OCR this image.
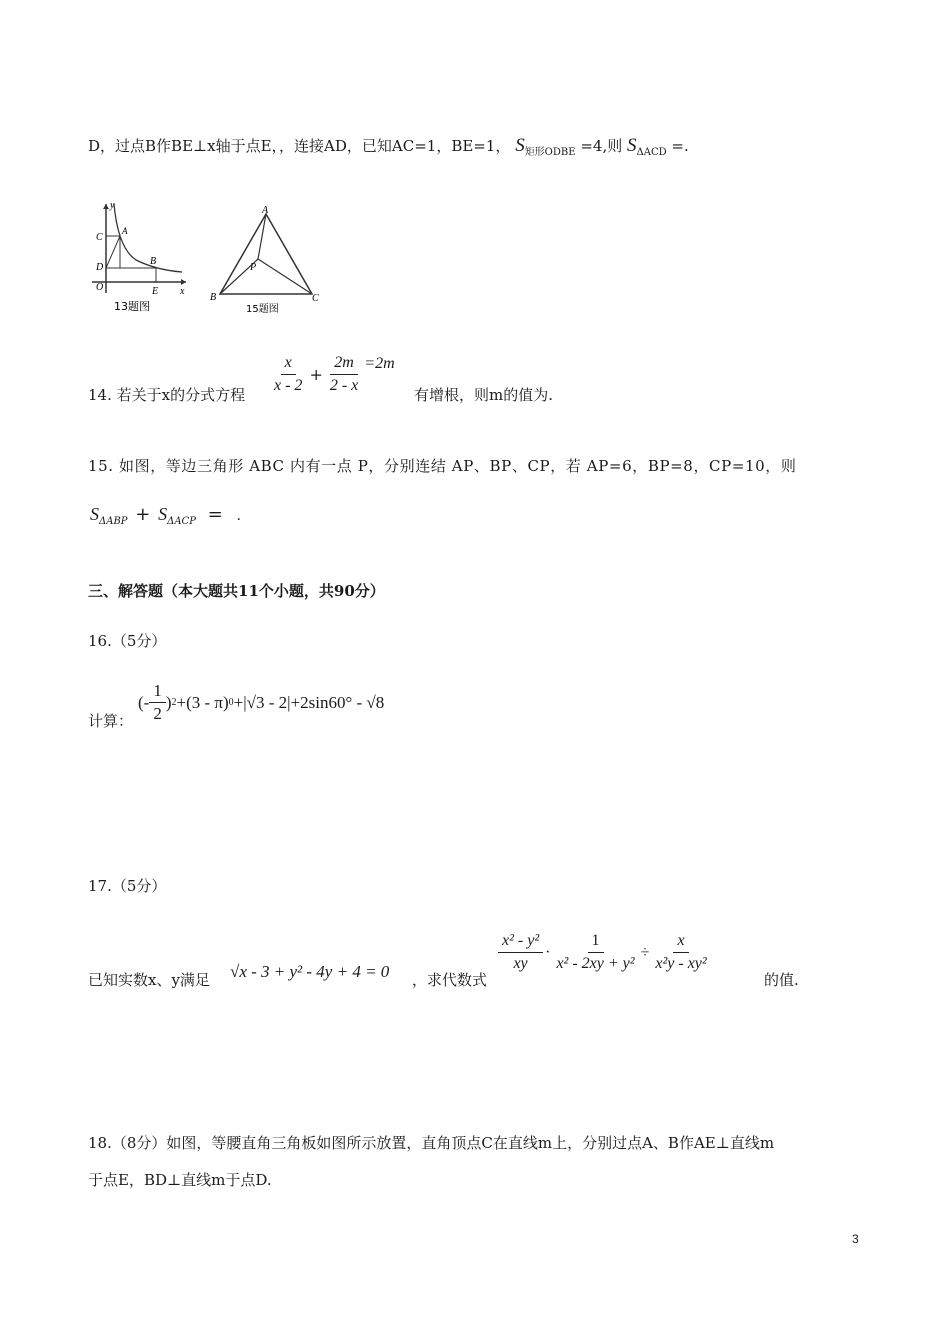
D，过点B作BE⊥x轴于点E，，连接AD，已知AC=1，BE=1， $S_{矩形ODBE} =4$,则 $S_{\Delta ACD}$ =.
y
C
A
D
O
B
E x
13题图
A
B	C
P
15题图
14. 若关于x的分式方程 $\frac{x}{x - 2} + \frac{2m}{2 - x} =2m$
有增根，则m的值为.
15. 如图，等边三角形 ABC 内有一点 P，分别连结 AP、BP、CP，若 AP=6，BP=8，CP=10，则
$S_{\Delta ABP} + S_{\Delta ACP}$ = .
三、解答题（本大题共11个小题，共90分）
16.（5分）
计算：
(- $\frac{1}{2}$ ) 2 +(3 - π) 0 +|√3 - 2|+2sin60° - √8
17.（5分）
已知实数x、y满足 √x - 3 + y² - 4y + 4 = 0 ，求代数式
$\frac{\text{x² - y²}}{xy} \cdot \frac{1}{\text{x² - 2xy + y²}} \div \frac{x}{\text{x²y - xy²}}$
的值.
18.（8分）如图，等腰直角三角板如图所示放置，直角顶点C在直线m上，分别过点A、B作AE⊥直线m
于点E，BD⊥直线m于点D.
3
